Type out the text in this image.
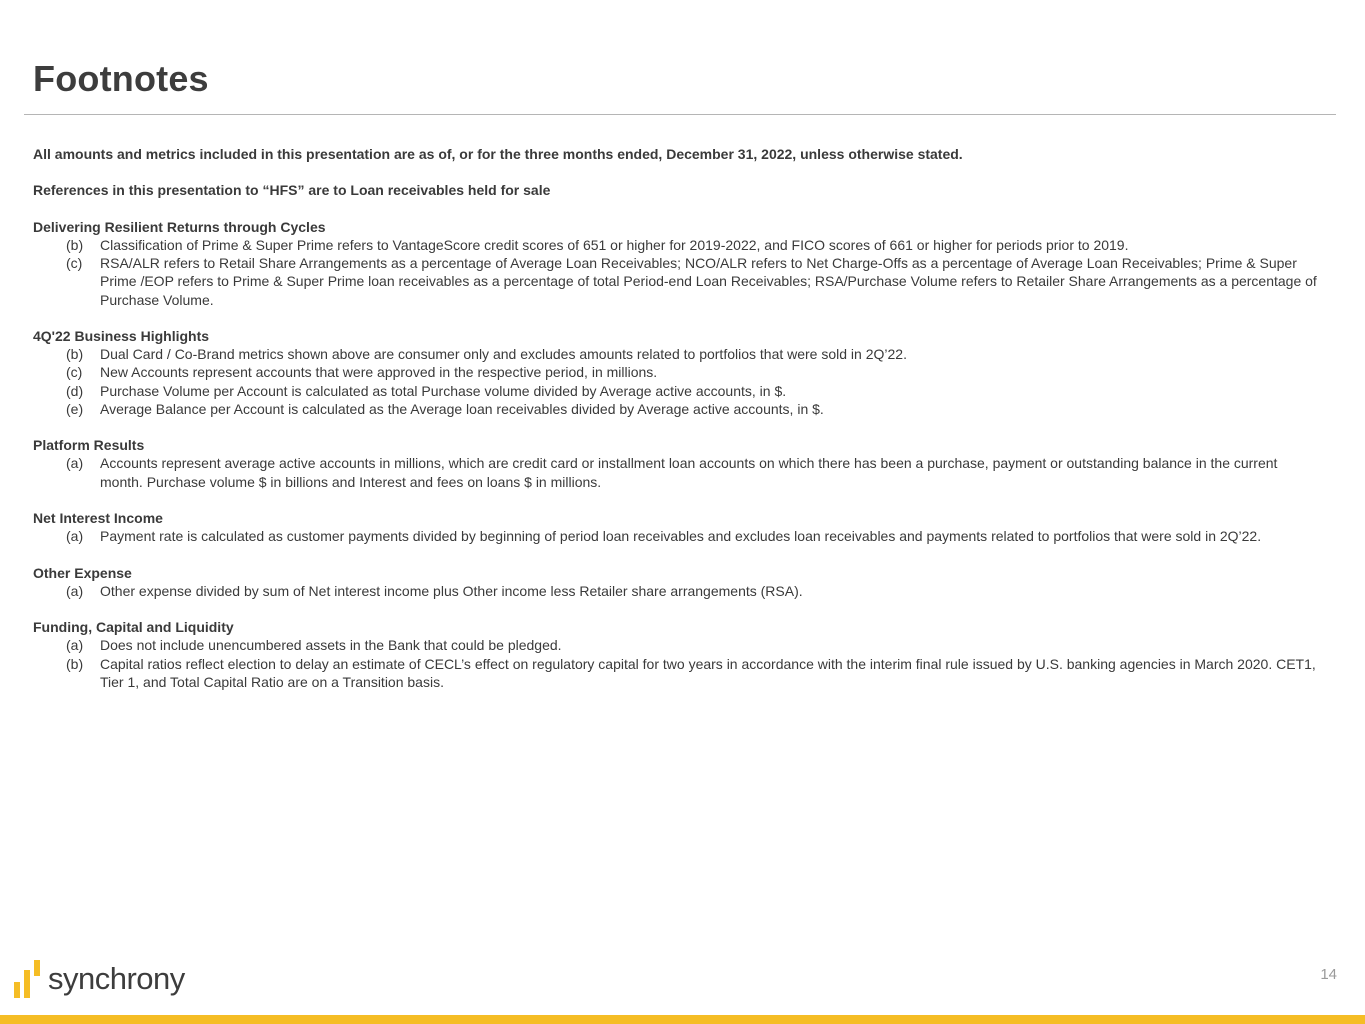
Footnotes

All amounts and metrics included in this presentation are as of, or for the three months ended, December 31, 2022, unless otherwise stated.

References in this presentation to “HFS” are to Loan receivables held for sale

Delivering Resilient Returns through Cycles

(b)	Classification of Prime & Super Prime refers to VantageScore credit scores of 651 or higher for 2019-2022, and FICO scores of 661 or higher for periods prior to 2019.
(c)	RSA/ALR refers to Retail Share Arrangements as a percentage of Average Loan Receivables; NCO/ALR refers to Net Charge-Offs as a percentage of Average Loan Receivables; Prime & Super Prime /EOP refers to Prime & Super Prime loan receivables as a percentage of total Period-end Loan Receivables; RSA/Purchase Volume refers to Retailer Share Arrangements as a percentage of Purchase Volume.

4Q'22 Business Highlights

(b)	Dual Card / Co-Brand metrics shown above are consumer only and excludes amounts related to portfolios that were sold in 2Q’22.
(c)	New Accounts represent accounts that were approved in the respective period, in millions.
(d)	Purchase Volume per Account is calculated as total Purchase volume divided by Average active accounts, in $.
(e)	Average Balance per Account is calculated as the Average loan receivables divided by Average active accounts, in $.

Platform Results

(a)	Accounts represent average active accounts in millions, which are credit card or installment loan accounts on which there has been a purchase, payment or outstanding balance in the current month. Purchase volume $ in billions and Interest and fees on loans $ in millions.

Net Interest Income

(a)	Payment rate is calculated as customer payments divided by beginning of period loan receivables and excludes loan receivables and payments related to portfolios that were sold in 2Q’22.

Other Expense

(a)	Other expense divided by sum of Net interest income plus Other income less Retailer share arrangements (RSA).

Funding, Capital and Liquidity

(a)	Does not include unencumbered assets in the Bank that could be pledged.
(b)	Capital ratios reflect election to delay an estimate of CECL’s effect on regulatory capital for two years in accordance with the interim final rule issued by U.S. banking agencies in March 2020. CET1, Tier 1, and Total Capital Ratio are on a Transition basis.
synchrony	14
